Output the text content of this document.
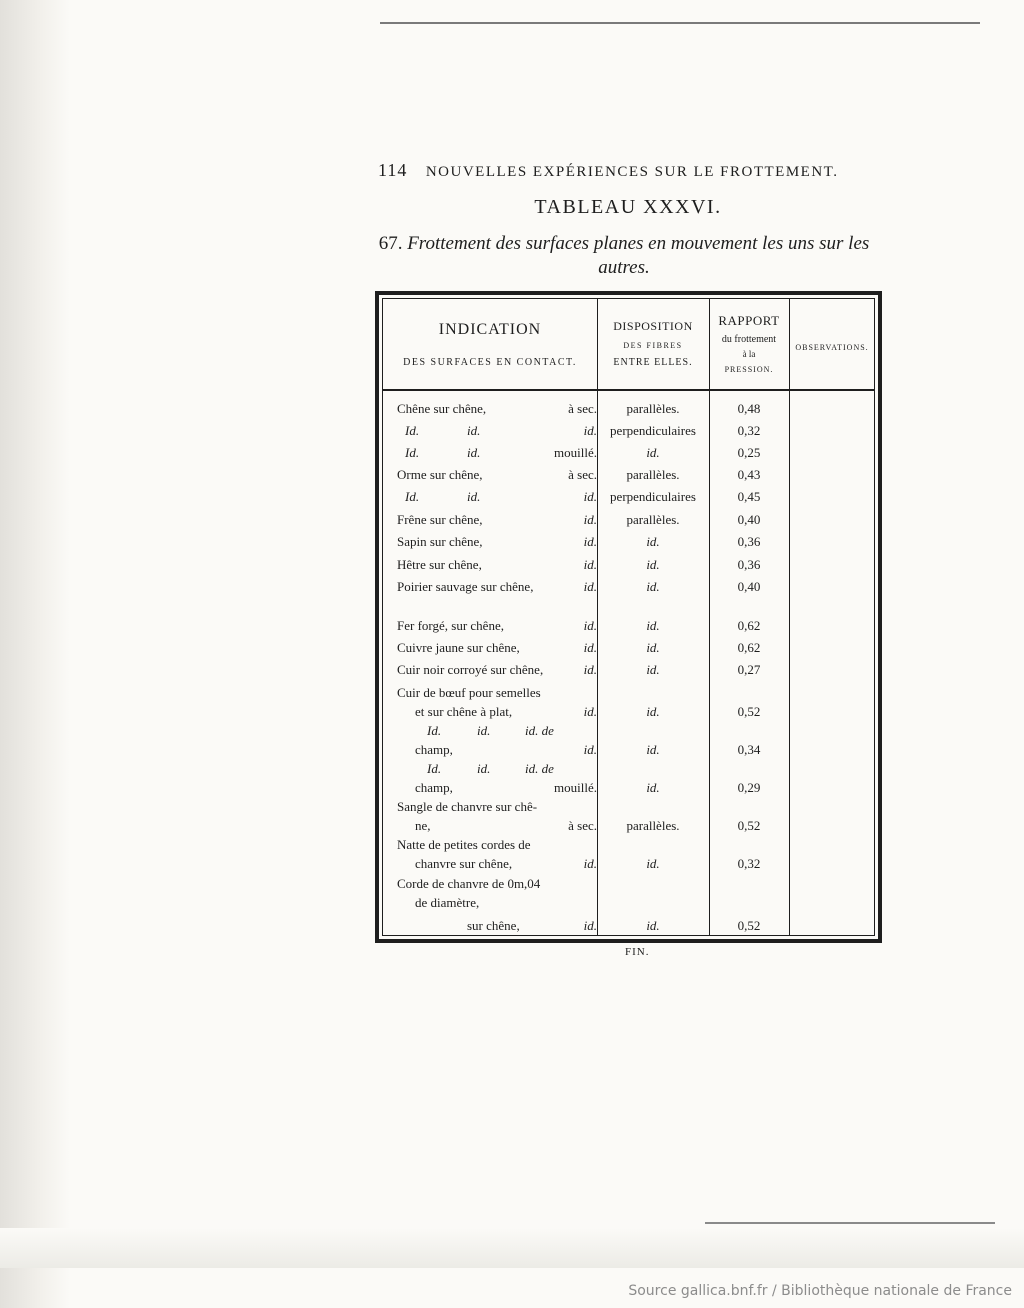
114 NOUVELLES EXPÉRIENCES SUR LE FROTTEMENT.
TABLEAU XXXVI.
67. Frottement des surfaces planes en mouvement les uns sur les autres.
INDICATION
DES SURFACES EN CONTACT.
DISPOSITION
DES FIBRES
ENTRE ELLES.
RAPPORT
du frottement
à la
PRESSION.
OBSERVATIONS.
Chêne sur chêne,	à sec.	parallèles.	0,48
Id.	id.	id.	perpendiculaires	0,32
Id.	id.	mouillé.	id.	0,25
Orme sur chêne,	à sec.	parallèles.	0,43
Id.	id.	id.	perpendiculaires	0,45
Frêne sur chêne,	id.	parallèles.	0,40
Sapin sur chêne,	id.	id.	0,36
Hêtre sur chêne,	id.	id.	0,36
Poirier sauvage sur chêne,	id.	id.	0,40
Fer forgé, sur chêne,	id.	id.	0,62
Cuivre jaune sur chêne,	id.	id.	0,62
Cuir noir corroyé sur chêne,	id.	id.	0,27
Cuir de bœuf pour semelles
et sur chêne à plat,	id.	id.	0,52
Id.	id.	id. de
champ,	id.	id.	0,34
Id.	id.	id. de
champ,	mouillé.	id.	0,29
Sangle de chanvre sur chê-
ne,	à sec.	parallèles.	0,52
Natte de petites cordes de
chanvre sur chêne,	id.	id.	0,32
Corde de chanvre de 0m,04
de diamètre,
sur chêne,	id.	id.	0,52
FIN.
Source gallica.bnf.fr / Bibliothèque nationale de France
